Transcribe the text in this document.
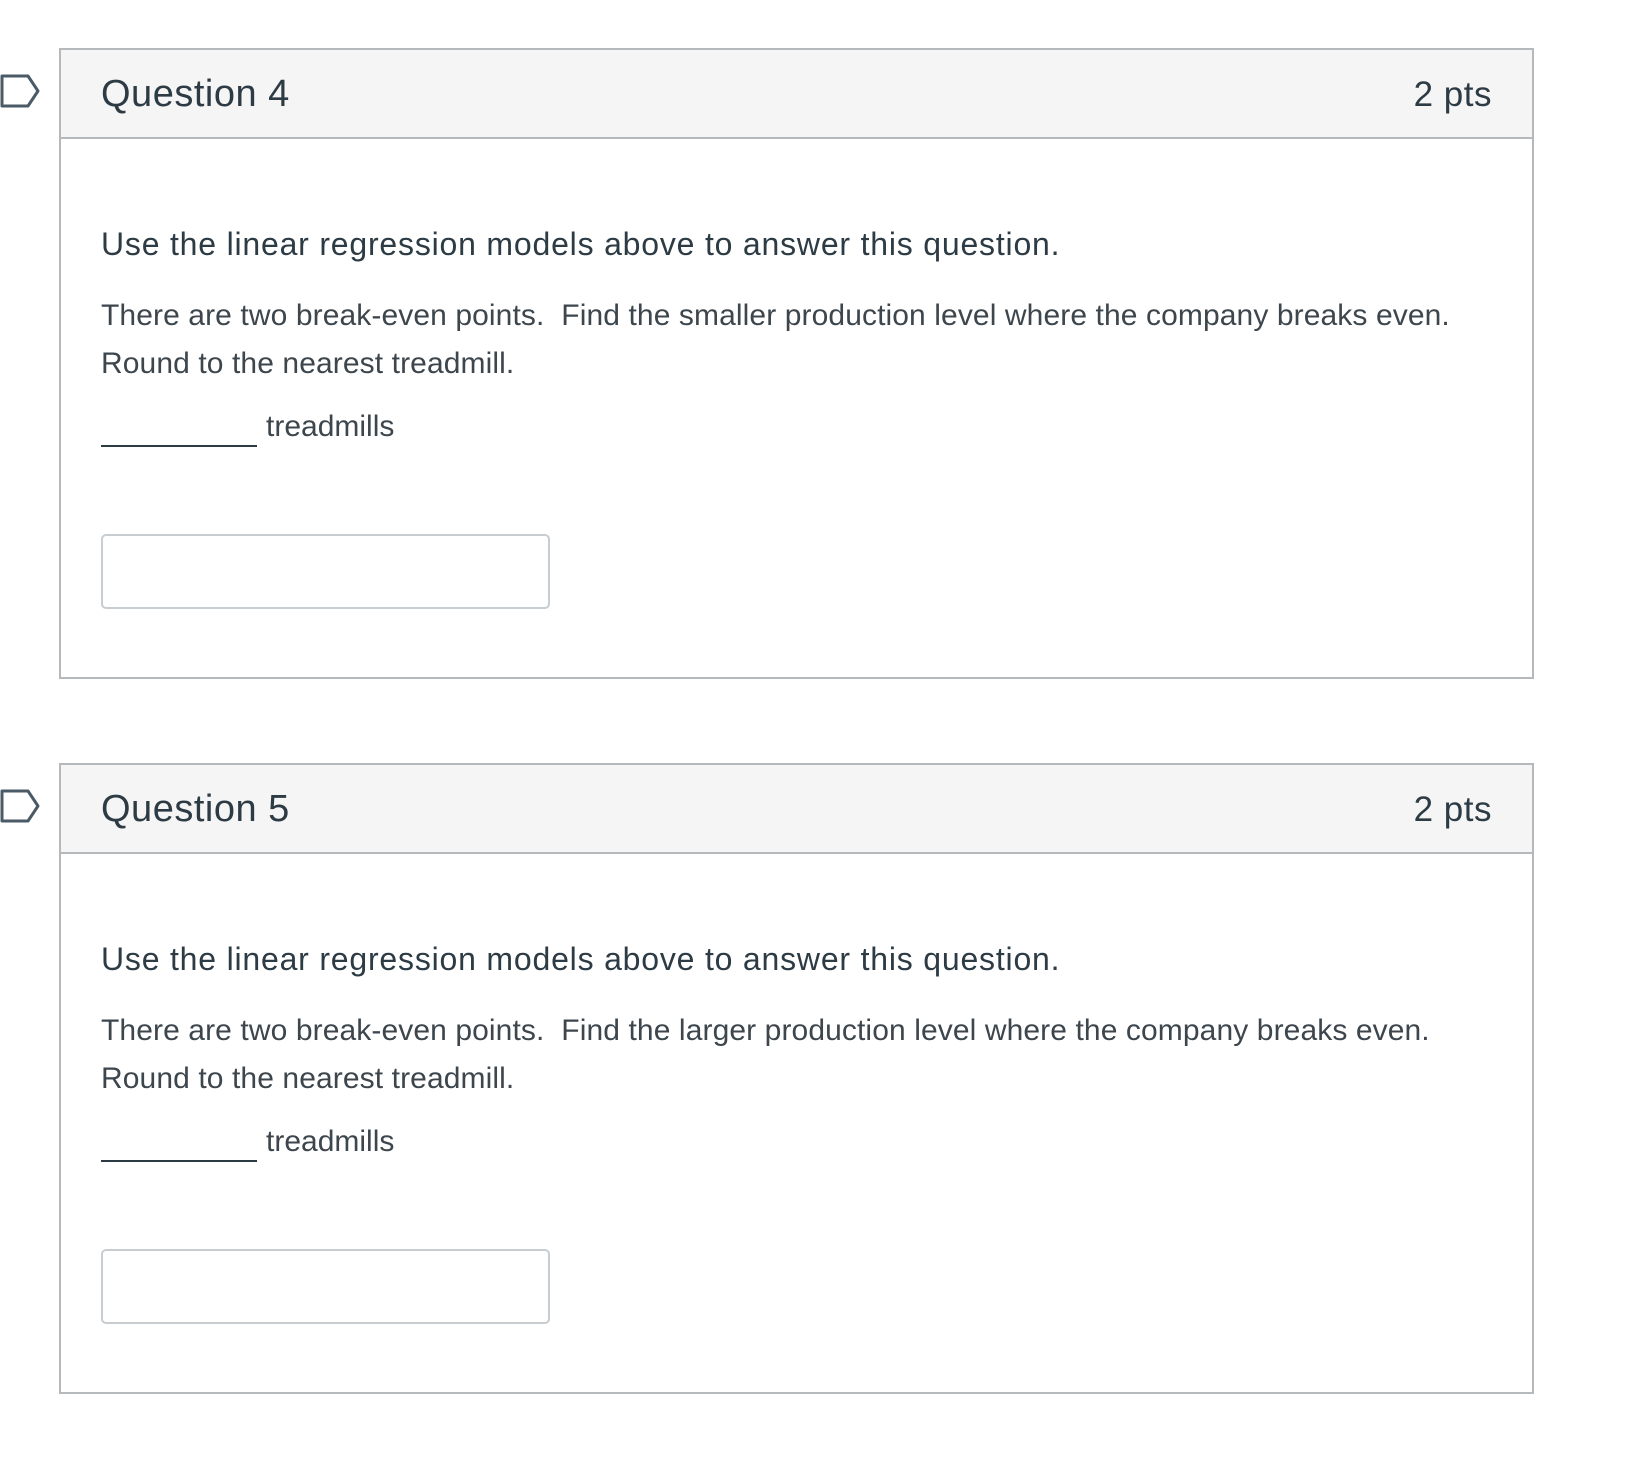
Question 4	2 pts
Use the linear regression models above to answer this question.
There are two break-even points.  Find the smaller production level where the company breaks even.  Round to the nearest treadmill.
treadmills
Question 5	2 pts
Use the linear regression models above to answer this question.
There are two break-even points.  Find the larger production level where the company breaks even.  Round to the nearest treadmill.
treadmills
